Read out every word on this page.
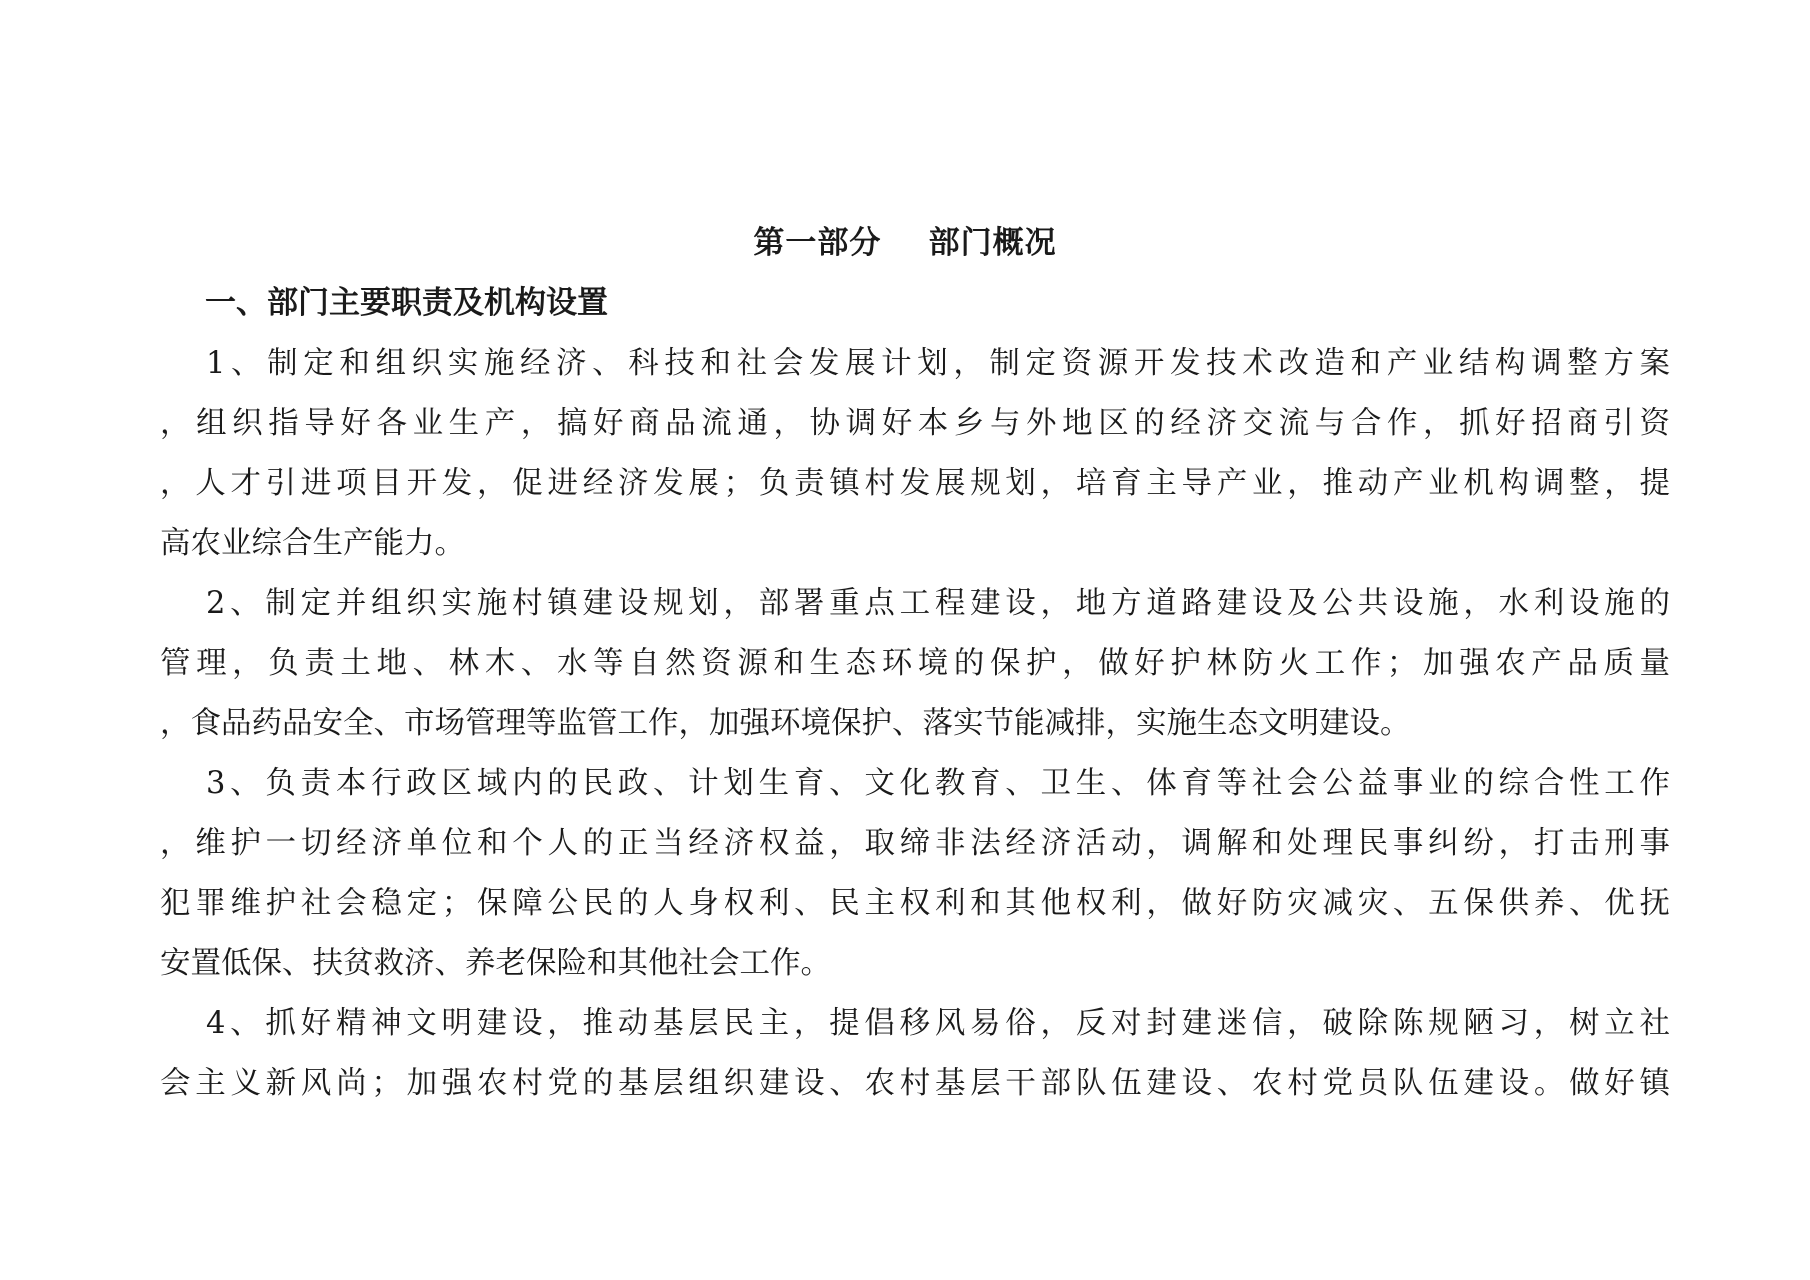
第一部分    部门概况
一、部门主要职责及机构设置
1、制定和组织实施经济、科技和社会发展计划，制定资源开发技术改造和产业结构调整方案
，组织指导好各业生产，搞好商品流通，协调好本乡与外地区的经济交流与合作，抓好招商引资
，人才引进项目开发，促进经济发展；负责镇村发展规划，培育主导产业，推动产业机构调整，提
高农业综合生产能力。
2、制定并组织实施村镇建设规划，部署重点工程建设，地方道路建设及公共设施，水利设施的
管理，负责土地、林木、水等自然资源和生态环境的保护，做好护林防火工作；加强农产品质量
，食品药品安全、市场管理等监管工作，加强环境保护、落实节能减排，实施生态文明建设。
3、负责本行政区域内的民政、计划生育、文化教育、卫生、体育等社会公益事业的综合性工作
，维护一切经济单位和个人的正当经济权益，取缔非法经济活动，调解和处理民事纠纷，打击刑事
犯罪维护社会稳定；保障公民的人身权利、民主权利和其他权利，做好防灾减灾、五保供养、优抚
安置低保、扶贫救济、养老保险和其他社会工作。
4、抓好精神文明建设，推动基层民主，提倡移风易俗，反对封建迷信，破除陈规陋习，树立社
会主义新风尚；加强农村党的基层组织建设、农村基层干部队伍建设、农村党员队伍建设。做好镇
